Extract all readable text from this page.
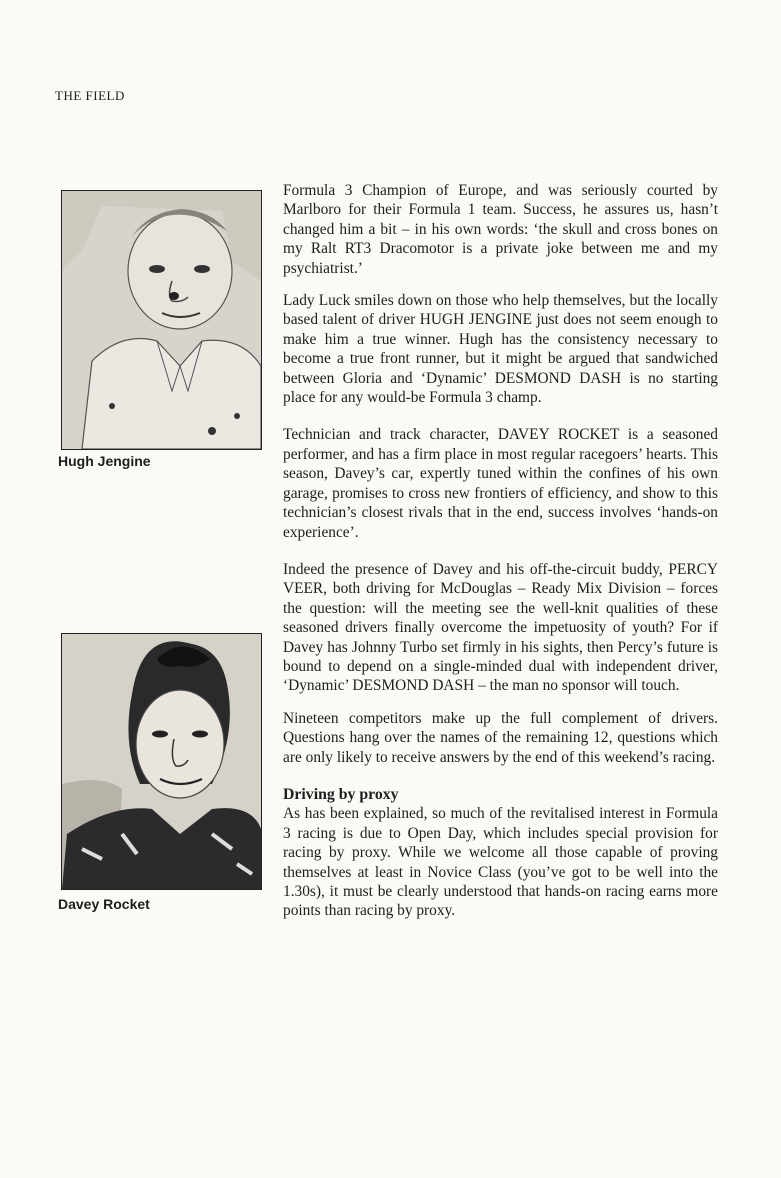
THE FIELD
Hugh Jengine
Davey Rocket

Formula 3 Champion of Europe, and was seriously courted by Marlboro for their Formula 1 team. Success, he assures us, hasn’t changed him a bit – in his own words: ‘the skull and cross bones on my Ralt RT3 Dracomotor is a private joke between me and my psychiatrist.’

Lady Luck smiles down on those who help themselves, but the locally based talent of driver HUGH JENGINE just does not seem enough to make him a true winner. Hugh has the consistency necessary to become a true front runner, but it might be argued that sandwiched between Gloria and ‘Dynamic’ DESMOND DASH is no starting place for any would-be Formula 3 champ.

Technician and track character, DAVEY ROCKET is a seasoned performer, and has a firm place in most regular racegoers’ hearts. This season, Davey’s car, expertly tuned within the confines of his own garage, promises to cross new frontiers of efficiency, and show to this technician’s closest rivals that in the end, success involves ‘hands-on experience’.

Indeed the presence of Davey and his off-the-circuit buddy, PERCY VEER, both driving for McDouglas – Ready Mix Division – forces the question: will the meeting see the well-knit qualities of these seasoned drivers finally overcome the impetuosity of youth? For if Davey has Johnny Turbo set firmly in his sights, then Percy’s future is bound to depend on a single-minded dual with independent driver, ‘Dynamic’ DESMOND DASH – the man no sponsor will touch.

Nineteen competitors make up the full complement of drivers. Questions hang over the names of the remaining 12, questions which are only likely to receive answers by the end of this weekend’s racing.

Driving by proxy

As has been explained, so much of the revitalised interest in Formula 3 racing is due to Open Day, which includes special provision for racing by proxy. While we welcome all those capable of proving themselves at least in Novice Class (you’ve got to be well into the 1.30s), it must be clearly understood that hands-on racing earns more points than racing by proxy.
